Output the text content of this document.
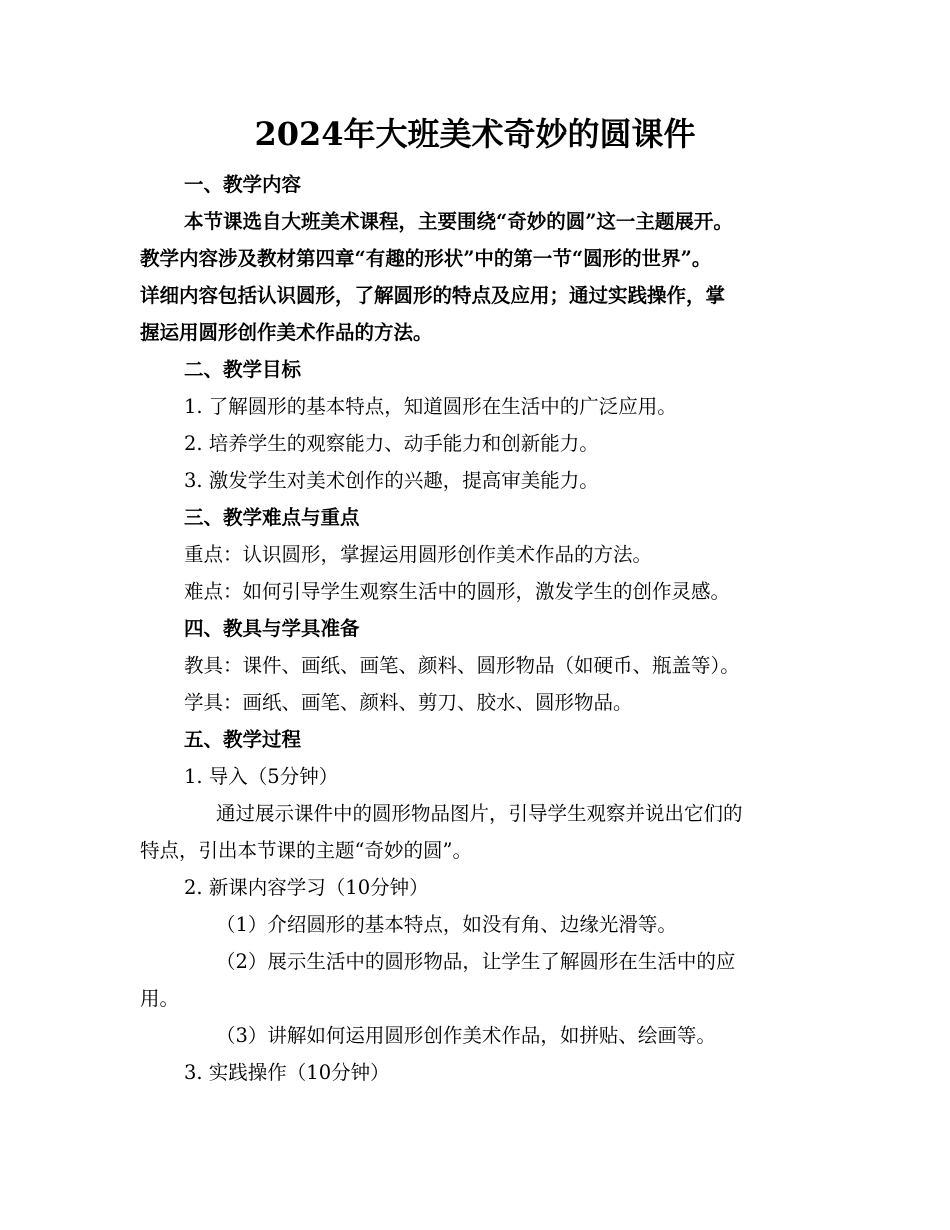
2024年大班美术奇妙的圆课件
一、教学内容
本节课选自大班美术课程，主要围绕“奇妙的圆”这一主题展开。
教学内容涉及教材第四章“有趣的形状”中的第一节“圆形的世界”。
详细内容包括认识圆形，了解圆形的特点及应用；通过实践操作，掌
握运用圆形创作美术作品的方法。
二、教学目标
1. 了解圆形的基本特点，知道圆形在生活中的广泛应用。
2. 培养学生的观察能力、动手能力和创新能力。
3. 激发学生对美术创作的兴趣，提高审美能力。
三、教学难点与重点
重点：认识圆形，掌握运用圆形创作美术作品的方法。
难点：如何引导学生观察生活中的圆形，激发学生的创作灵感。
四、教具与学具准备
教具：课件、画纸、画笔、颜料、圆形物品（如硬币、瓶盖等）。
学具：画纸、画笔、颜料、剪刀、胶水、圆形物品。
五、教学过程
1. 导入（5分钟）
通过展示课件中的圆形物品图片，引导学生观察并说出它们的
特点，引出本节课的主题“奇妙的圆”。
2. 新课内容学习（10分钟）
（1）介绍圆形的基本特点，如没有角、边缘光滑等。
（2）展示生活中的圆形物品，让学生了解圆形在生活中的应
用。
（3）讲解如何运用圆形创作美术作品，如拼贴、绘画等。
3. 实践操作（10分钟）
